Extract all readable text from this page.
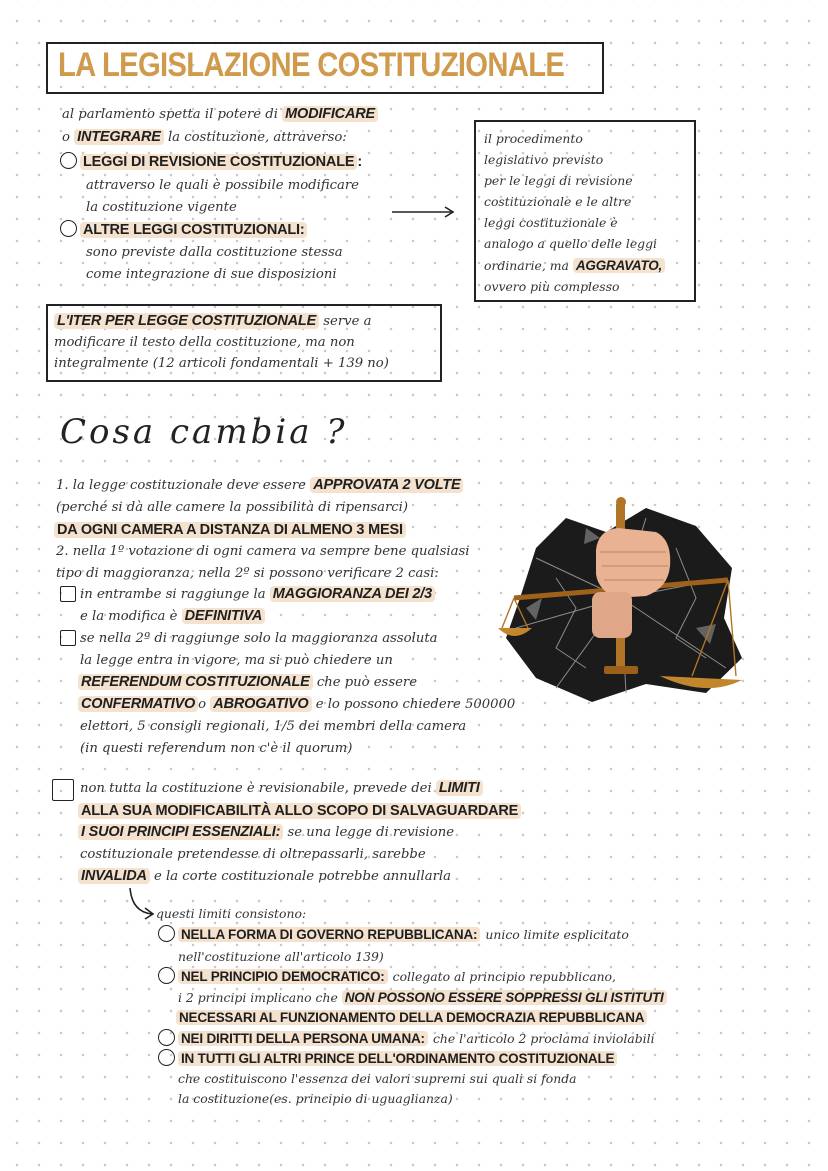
LA LEGISLAZIONE COSTITUZIONALE
al parlamento spetta il potere di MODIFICARE
o INTEGRARE la costituzione, attraverso:
LEGGI DI REVISIONE COSTITUZIONALE :
attraverso le quali è possibile modificare
la costituzione vigente
ALTRE LEGGI COSTITUZIONALI:
sono previste dalla costituzione stessa
come integrazione di sue disposizioni
il procedimento
legislativo previsto
per le leggi di revisione
costituzionale e le altre
leggi costituzionale è
analogo a quello delle leggi
ordinarie, ma AGGRAVATO,
ovvero più complesso
L'ITER PER LEGGE COSTITUZIONALE serve a
modificare il testo della costituzione, ma non
integralmente (12 articoli fondamentali + 139 no)
Cosa cambia ?
1. la legge costituzionale deve essere APPROVATA 2 VOLTE
(perché si dà alle camere la possibilità di ripensarci)
DA OGNI CAMERA A DISTANZA DI ALMENO 3 MESI
2. nella 1º votazione di ogni camera va sempre bene qualsiasi
tipo di maggioranza, nella 2º si possono verificare 2 casi:
in entrambe si raggiunge la MAGGIORANZA DEI 2/3
e la modifica è DEFINITIVA
se nella 2º di raggiunge solo la maggioranza assoluta
la legge entra in vigore, ma si può chiedere un
REFERENDUM COSTITUZIONALE che può essere
CONFERMATIVO o ABROGATIVO e lo possono chiedere 500000
elettori, 5 consigli regionali, 1/5 dei membri della camera
(in questi referendum non c'è il quorum)
non tutta la costituzione è revisionabile, prevede dei LIMITI
ALLA SUA MODIFICABILITÀ ALLO SCOPO DI SALVAGUARDARE
I SUOI PRINCIPI ESSENZIALI: se una legge di revisione
costituzionale pretendesse di oltrepassarli, sarebbe
INVALIDA e la corte costituzionale potrebbe annullarla
questi limiti consistono:
NELLA FORMA DI GOVERNO REPUBBLICANA: unico limite esplicitato
nell'costituzione all'articolo 139)
NEL PRINCIPIO DEMOCRATICO: collegato al principio repubblicano,
i 2 principi implicano che NON POSSONO ESSERE SOPPRESSI GLI ISTITUTI
NECESSARI AL FUNZIONAMENTO DELLA DEMOCRAZIA REPUBBLICANA
NEI DIRITTI DELLA PERSONA UMANA: che l'articolo 2 proclama inviolabili
IN TUTTI GLI ALTRI PRINCE DELL'ORDINAMENTO COSTITUZIONALE
che costituiscono l'essenza dei valori supremi sui quali si fonda
la costituzione(es. principio di uguaglianza)
